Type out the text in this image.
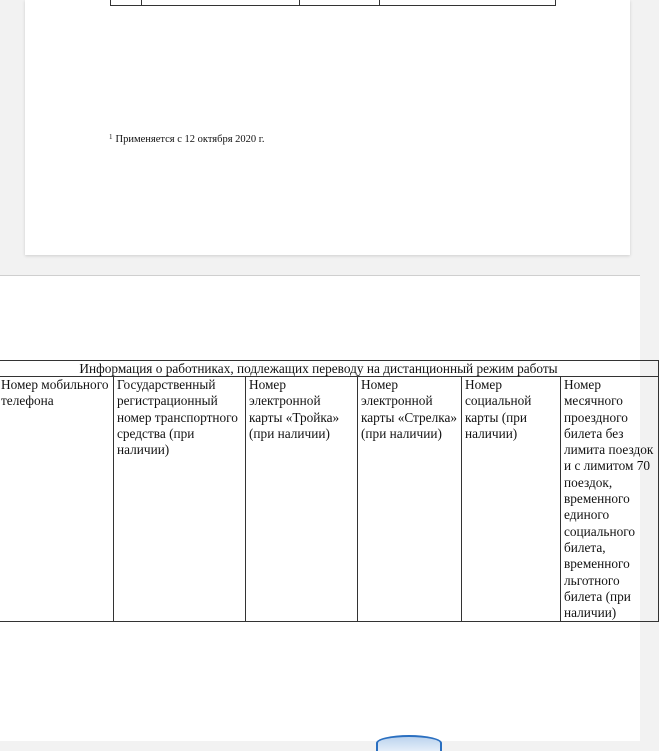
$^1$ Применяется с 12 октября 2020 г.
Информация о работниках, подлежащих переводу на дистанционный режим работы
Номер мобильного телефона	Государственный регистрационный номер транспортного средства (при наличии)	Номер электронной карты «Тройка» (при наличии)	Номер электронной карты «Стрелка» (при наличии)	Номер социальной карты (при наличии)	Номер месячного проездного билета без лимита поездок и с лимитом 70 поездок, временного единого социального билета, временного льготного билета (при наличии)
